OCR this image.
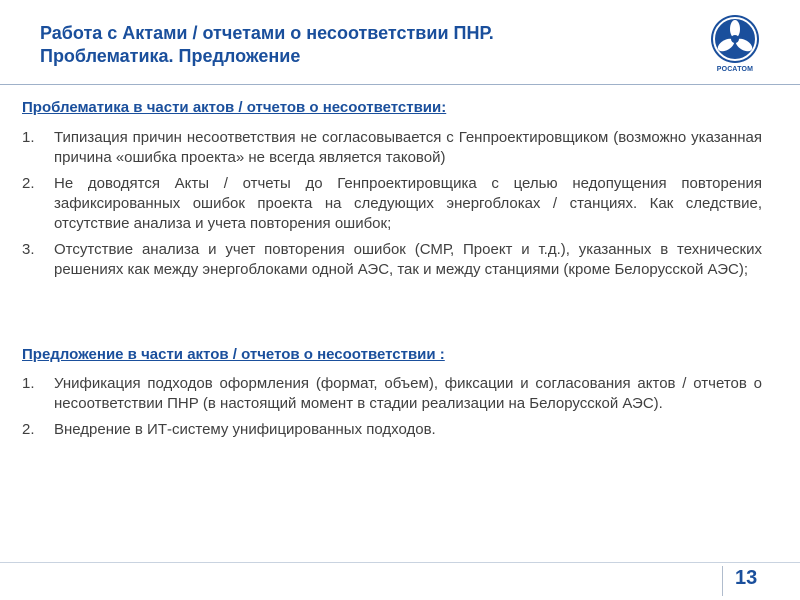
Работа с Актами / отчетами о несоответствии ПНР.
Проблематика. Предложение
РОСАТОМ
Проблематика в части актов / отчетов о несоответствии:
1.	Типизация причин несоответствия не согласовывается с Генпроектировщиком (возможно указанная причина «ошибка проекта» не всегда является таковой)
2.	Не доводятся Акты / отчеты до Генпроектировщика с целью недопущения повторения зафиксированных ошибок проекта на следующих энергоблоках / станциях. Как следствие, отсутствие анализа и учета повторения ошибок;
3.	Отсутствие анализа и учет повторения ошибок (СМР, Проект и т.д.), указанных в технических решениях как между энергоблоками одной АЭС, так и между станциями (кроме Белорусской АЭС);
Предложение в части актов / отчетов о несоответствии :
1.	Унификация подходов оформления (формат, объем), фиксации и согласования актов / отчетов о несоответствии ПНР (в настоящий момент в стадии реализации на Белорусской АЭС).
2.	Внедрение в ИТ-систему унифицированных подходов.
13
